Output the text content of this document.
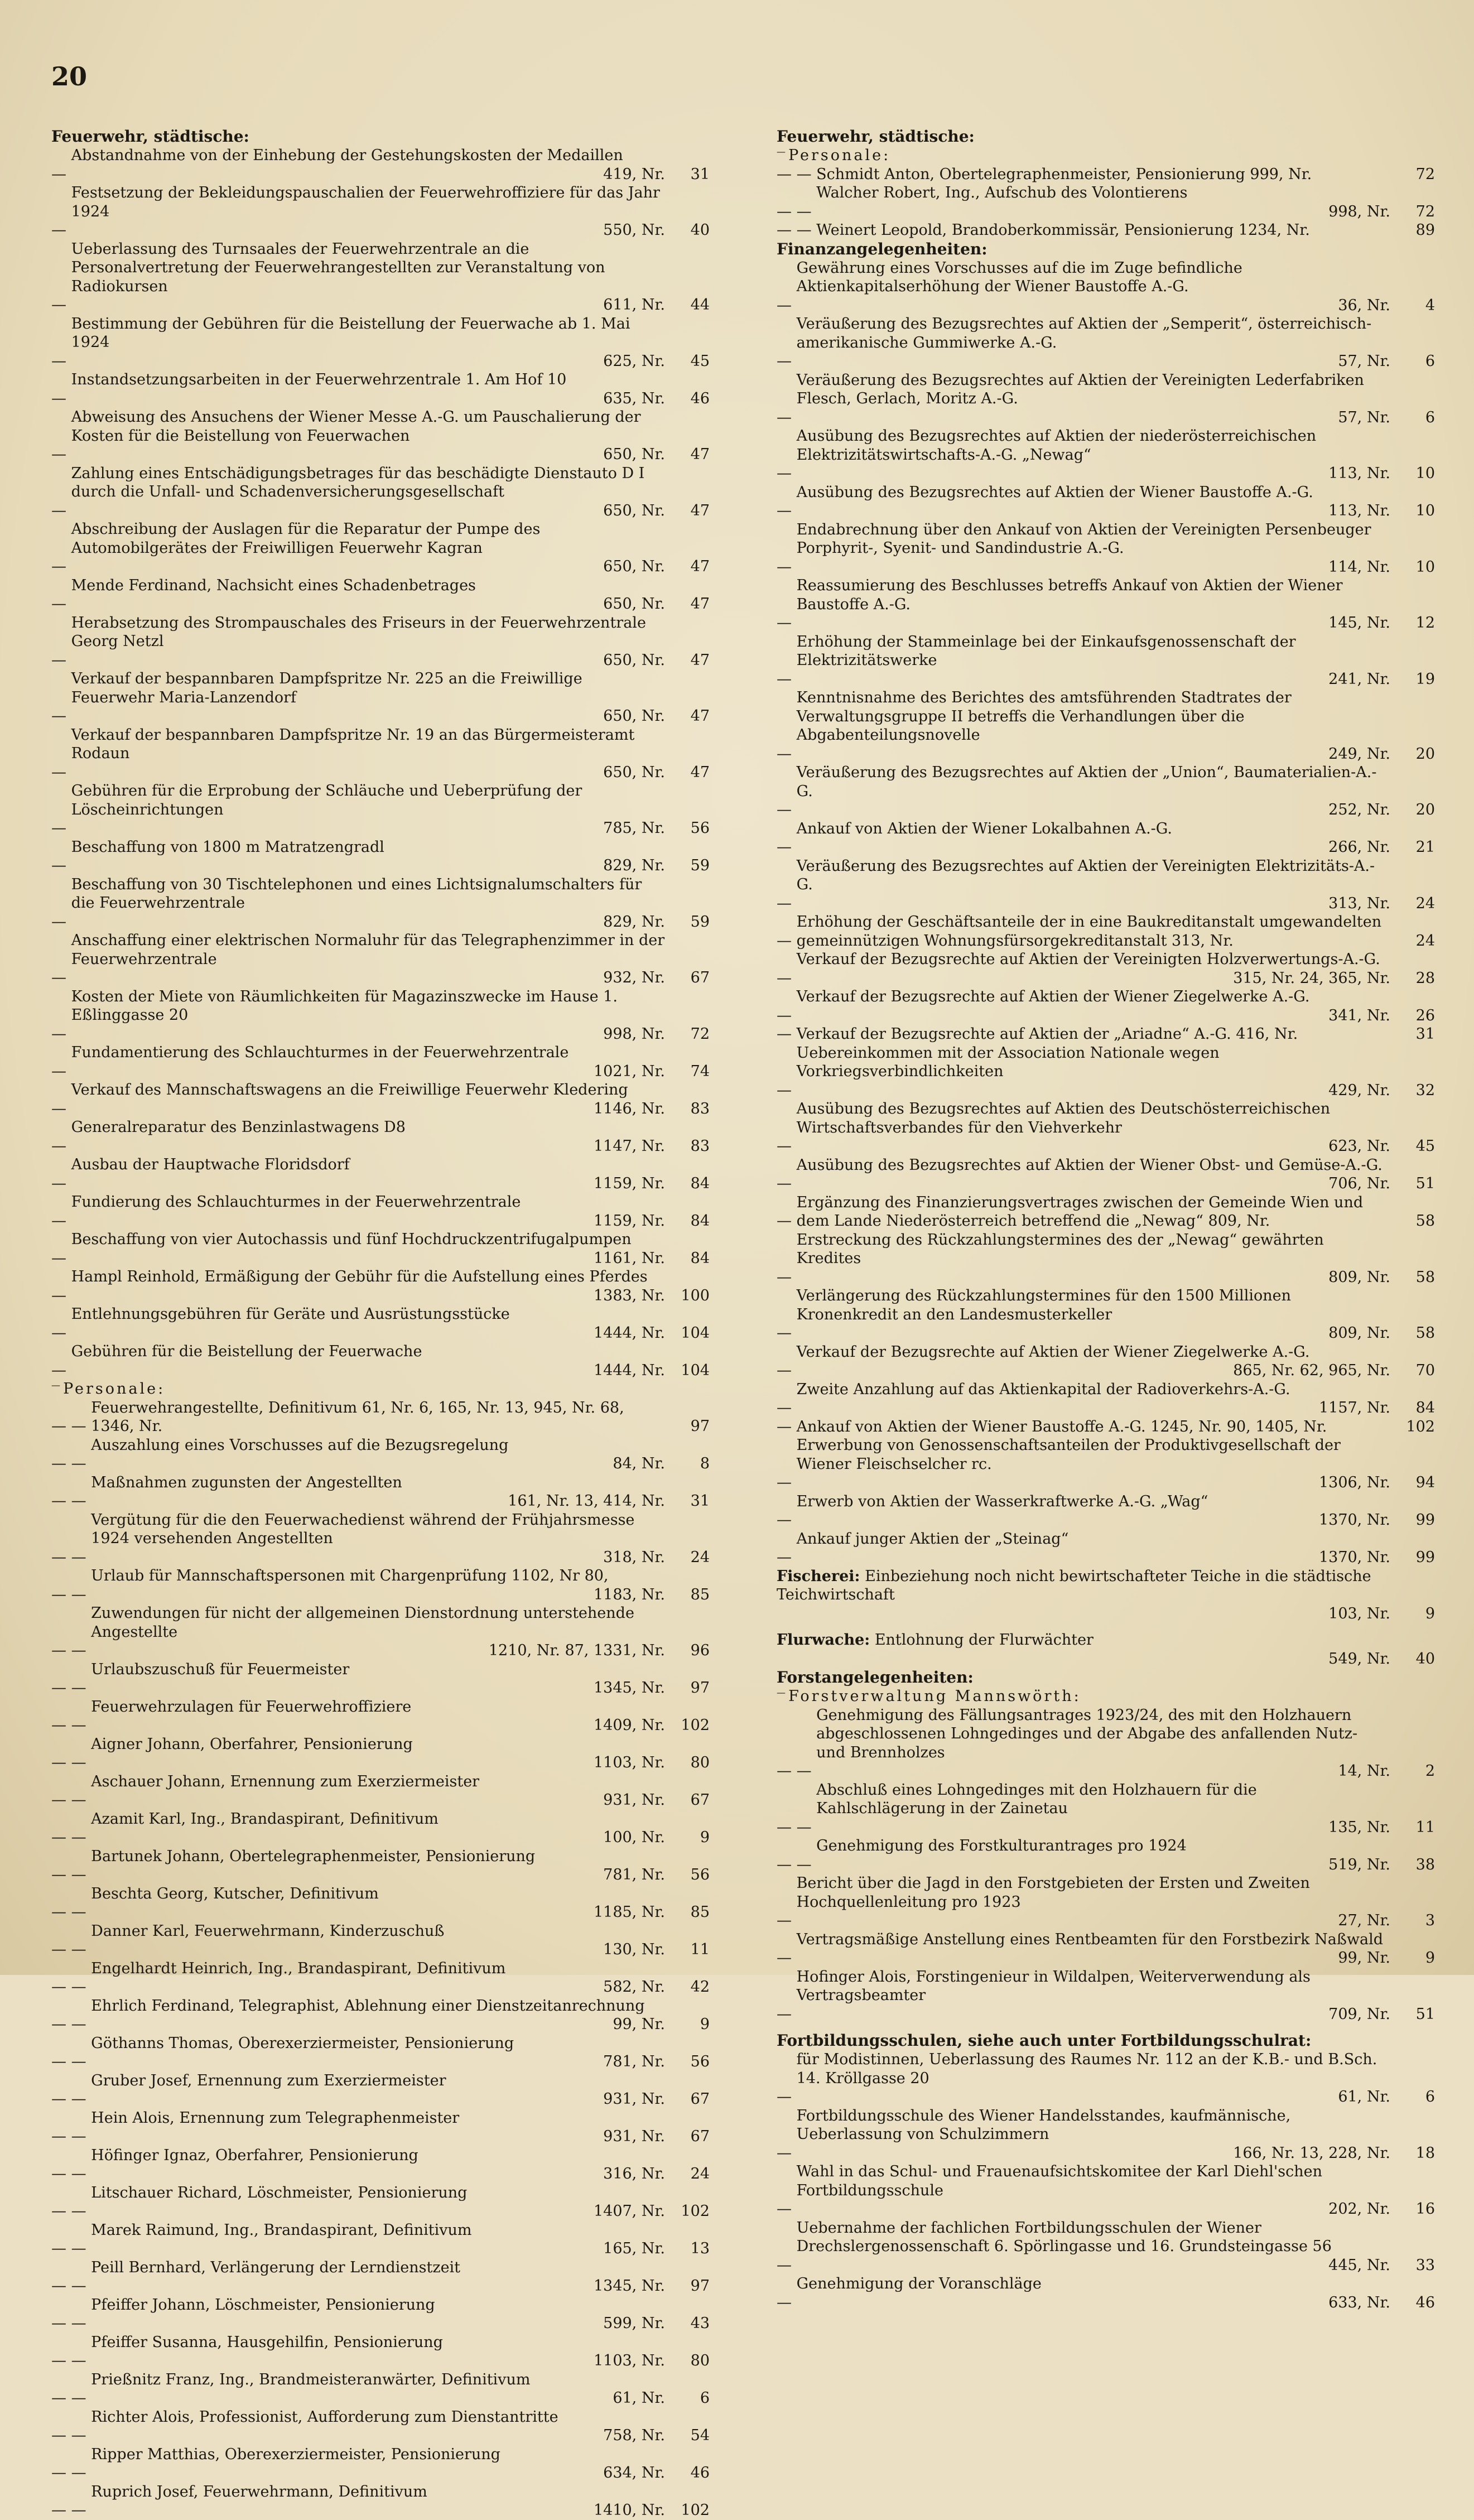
20
Feuerwehr, städtische:
—
Abstandnahme von der Einhebung der Gestehungskosten der Medaillen
419, Nr.	31
—
Festsetzung der Bekleidungspauschalien der Feuerwehroffiziere für das Jahr 1924
550, Nr.	40
—
Ueberlassung des Turnsaales der Feuerwehrzentrale an die Personalvertretung der Feuerwehrangestellten zur Veranstaltung von Radiokursen
611, Nr.	44
—
Bestimmung der Gebühren für die Beistellung der Feuerwache ab 1. Mai 1924
625, Nr.	45
—
Instandsetzungsarbeiten in der Feuerwehrzentrale 1. Am Hof 10
635, Nr.	46
—
Abweisung des Ansuchens der Wiener Messe A.-G. um Pauschalierung der Kosten für die Beistellung von Feuerwachen
650, Nr.	47
—
Zahlung eines Entschädigungsbetrages für das beschädigte Dienstauto D I durch die Unfall- und Schadenversicherungsgesellschaft
650, Nr.	47
—
Abschreibung der Auslagen für die Reparatur der Pumpe des Automobilgerätes der Freiwilligen Feuerwehr Kagran
650, Nr.	47
—
Mende Ferdinand, Nachsicht eines Schadenbetrages
650, Nr.	47
—
Herabsetzung des Strompauschales des Friseurs in der Feuerwehrzentrale Georg Netzl
650, Nr.	47
—
Verkauf der bespannbaren Dampfspritze Nr. 225 an die Freiwillige Feuerwehr Maria-Lanzendorf
650, Nr.	47
—
Verkauf der bespannbaren Dampfspritze Nr. 19 an das Bürgermeisteramt Rodaun
650, Nr.	47
—
Gebühren für die Erprobung der Schläuche und Ueberprüfung der Löscheinrichtungen
785, Nr.	56
—
Beschaffung von 1800 m Matratzengradl
829, Nr.	59
—
Beschaffung von 30 Tischtelephonen und eines Lichtsignalumschalters für die Feuerwehrzentrale
829, Nr.	59
—
Anschaffung einer elektrischen Normaluhr für das Telegraphenzimmer in der Feuerwehrzentrale
932, Nr.	67
—
Kosten der Miete von Räumlichkeiten für Magazinszwecke im Hause 1. Eßlinggasse 20
998, Nr.	72
—
Fundamentierung des Schlauchturmes in der Feuerwehrzentrale
1021, Nr.	74
—
Verkauf des Mannschaftswagens an die Freiwillige Feuerwehr Kledering
1146, Nr.	83
—
Generalreparatur des Benzinlastwagens D8
1147, Nr.	83
—
Ausbau der Hauptwache Floridsdorf
1159, Nr.	84
—
Fundierung des Schlauchturmes in der Feuerwehrzentrale
1159, Nr.	84
—
Beschaffung von vier Autochassis und fünf Hochdruckzentrifugalpumpen
1161, Nr.	84
—
Hampl Reinhold, Ermäßigung der Gebühr für die Aufstellung eines Pferdes
1383, Nr.	100
—
Entlehnungsgebühren für Geräte und Ausrüstungsstücke
1444, Nr.	104
—
Gebühren für die Beistellung der Feuerwache
1444, Nr.	104
— Personale:
— —
Feuerwehrangestellte, Definitivum 61, Nr. 6, 165, Nr. 13, 945, Nr. 68, 1346, Nr.	97
— —
Auszahlung eines Vorschusses auf die Bezugsregelung
84, Nr.	8
— —
Maßnahmen zugunsten der Angestellten
161, Nr. 13, 414, Nr.	31
— —
Vergütung für die den Feuerwachedienst während der Frühjahrsmesse 1924 versehenden Angestellten
318, Nr.	24
— —
Urlaub für Mannschaftspersonen mit Chargenprüfung 1102, Nr 80,
1183, Nr.	85
— —
Zuwendungen für nicht der allgemeinen Dienstordnung unterstehende Angestellte
1210, Nr. 87, 1331, Nr.	96
— —
Urlaubszuschuß für Feuermeister
1345, Nr.	97
— —
Feuerwehrzulagen für Feuerwehroffiziere
1409, Nr.	102
— —
Aigner Johann, Oberfahrer, Pensionierung
1103, Nr.	80
— —
Aschauer Johann, Ernennung zum Exerziermeister
931, Nr.	67
— —
Azamit Karl, Ing., Brandaspirant, Definitivum
100, Nr.	9
— —
Bartunek Johann, Obertelegraphenmeister, Pensionierung
781, Nr.	56
— —
Beschta Georg, Kutscher, Definitivum
1185, Nr.	85
— —
Danner Karl, Feuerwehrmann, Kinderzuschuß
130, Nr.	11
— —
Engelhardt Heinrich, Ing., Brandaspirant, Definitivum
582, Nr.	42
— —
Ehrlich Ferdinand, Telegraphist, Ablehnung einer Dienstzeitanrechnung
99, Nr.	9
— —
Göthanns Thomas, Oberexerziermeister, Pensionierung
781, Nr.	56
— —
Gruber Josef, Ernennung zum Exerziermeister
931, Nr.	67
— —
Hein Alois, Ernennung zum Telegraphenmeister
931, Nr.	67
— —
Höfinger Ignaz, Oberfahrer, Pensionierung
316, Nr.	24
— —
Litschauer Richard, Löschmeister, Pensionierung
1407, Nr.	102
— —
Marek Raimund, Ing., Brandaspirant, Definitivum
165, Nr.	13
— —
Peill Bernhard, Verlängerung der Lerndienstzeit
1345, Nr.	97
— —
Pfeiffer Johann, Löschmeister, Pensionierung
599, Nr.	43
— —
Pfeiffer Susanna, Hausgehilfin, Pensionierung
1103, Nr.	80
— —
Prießnitz Franz, Ing., Brandmeisteranwärter, Definitivum
61, Nr.	6
— —
Richter Alois, Professionist, Aufforderung zum Dienstantritte
758, Nr.	54
— —
Ripper Matthias, Oberexerziermeister, Pensionierung
634, Nr.	46
— —
Ruprich Josef, Feuerwehrmann, Definitivum
1410, Nr.	102
Feuerwehr, städtische:
— Personale:
— — Schmidt Anton, Obertelegraphenmeister, Pensionierung 999, Nr.	72
— —
Walcher Robert, Ing., Aufschub des Volontierens
998, Nr.	72
— — Weinert Leopold, Brandoberkommissär, Pensionierung 1234, Nr.	89
Finanzangelegenheiten:
—
Gewährung eines Vorschusses auf die im Zuge befindliche Aktienkapitalserhöhung der Wiener Baustoffe A.-G.
36, Nr.	4
—
Veräußerung des Bezugsrechtes auf Aktien der „Semperit“, österreichisch-amerikanische Gummiwerke A.-G.
57, Nr.	6
—
Veräußerung des Bezugsrechtes auf Aktien der Vereinigten Lederfabriken Flesch, Gerlach, Moritz A.-G.
57, Nr.	6
—
Ausübung des Bezugsrechtes auf Aktien der niederösterreichischen Elektrizitätswirtschafts-A.-G. „Newag“
113, Nr.	10
—
Ausübung des Bezugsrechtes auf Aktien der Wiener Baustoffe A.-G.
113, Nr.	10
—
Endabrechnung über den Ankauf von Aktien der Vereinigten Persenbeuger Porphyrit-, Syenit- und Sandindustrie A.-G.
114, Nr.	10
—
Reassumierung des Beschlusses betreffs Ankauf von Aktien der Wiener Baustoffe A.-G.
145, Nr.	12
—
Erhöhung der Stammeinlage bei der Einkaufsgenossenschaft der Elektrizitätswerke
241, Nr.	19
—
Kenntnisnahme des Berichtes des amtsführenden Stadtrates der Verwaltungsgruppe II betreffs die Verhandlungen über die Abgabenteilungsnovelle
249, Nr.	20
—
Veräußerung des Bezugsrechtes auf Aktien der „Union“, Baumaterialien-A.-G.
252, Nr.	20
—
Ankauf von Aktien der Wiener Lokalbahnen A.-G.
266, Nr.	21
—
Veräußerung des Bezugsrechtes auf Aktien der Vereinigten Elektrizitäts-A.-G.
313, Nr.	24
—
Erhöhung der Geschäftsanteile der in eine Baukreditanstalt umgewandelten gemeinnützigen Wohnungsfürsorgekreditanstalt 313, Nr.	24
—
Verkauf der Bezugsrechte auf Aktien der Vereinigten Holzverwertungs-A.-G.
315, Nr. 24, 365, Nr.	28
—
Verkauf der Bezugsrechte auf Aktien der Wiener Ziegelwerke A.-G.
341, Nr.	26
— Verkauf der Bezugsrechte auf Aktien der „Ariadne“ A.-G. 416, Nr.	31
—
Uebereinkommen mit der Association Nationale wegen Vorkriegsverbindlichkeiten
429, Nr.	32
—
Ausübung des Bezugsrechtes auf Aktien des Deutschösterreichischen Wirtschaftsverbandes für den Viehverkehr
623, Nr.	45
—
Ausübung des Bezugsrechtes auf Aktien der Wiener Obst- und Gemüse-A.-G.
706, Nr.	51
—
Ergänzung des Finanzierungsvertrages zwischen der Gemeinde Wien und dem Lande Niederösterreich betreffend die „Newag“ 809, Nr.	58
—
Erstreckung des Rückzahlungstermines des der „Newag“ gewährten Kredites
809, Nr.	58
—
Verlängerung des Rückzahlungstermines für den 1500 Millionen Kronenkredit an den Landesmusterkeller
809, Nr.	58
—
Verkauf der Bezugsrechte auf Aktien der Wiener Ziegelwerke A.-G.
865, Nr. 62, 965, Nr.	70
—
Zweite Anzahlung auf das Aktienkapital der Radioverkehrs-A.-G.
1157, Nr.	84
— Ankauf von Aktien der Wiener Baustoffe A.-G. 1245, Nr. 90, 1405, Nr.	102
—
Erwerbung von Genossenschaftsanteilen der Produktivgesellschaft der Wiener Fleischselcher rc.
1306, Nr.	94
—
Erwerb von Aktien der Wasserkraftwerke A.-G. „Wag“
1370, Nr.	99
—
Ankauf junger Aktien der „Steinag“
1370, Nr.	99
Fischerei: Einbeziehung noch nicht bewirtschafteter Teiche in die städtische Teichwirtschaft
103, Nr.	9
Flurwache: Entlohnung der Flurwächter
549, Nr.	40
Forstangelegenheiten:
— Forstverwaltung Mannswörth:
— —
Genehmigung des Fällungsantrages 1923/24, des mit den Holzhauern abgeschlossenen Lohngedinges und der Abgabe des anfallenden Nutz- und Brennholzes
14, Nr.	2
— —
Abschluß eines Lohngedinges mit den Holzhauern für die Kahlschlägerung in der Zainetau
135, Nr.	11
— —
Genehmigung des Forstkulturantrages pro 1924
519, Nr.	38
—
Bericht über die Jagd in den Forstgebieten der Ersten und Zweiten Hochquellenleitung pro 1923
27, Nr.	3
—
Vertragsmäßige Anstellung eines Rentbeamten für den Forstbezirk Naßwald
99, Nr.	9
—
Hofinger Alois, Forstingenieur in Wildalpen, Weiterverwendung als Vertragsbeamter
709, Nr.	51
Fortbildungsschulen, siehe auch unter Fortbildungsschulrat:
—
für Modistinnen, Ueberlassung des Raumes Nr. 112 an der K.B.- und B.Sch. 14. Kröllgasse 20
61, Nr.	6
—
Fortbildungsschule des Wiener Handelsstandes, kaufmännische, Ueberlassung von Schulzimmern
166, Nr. 13, 228, Nr.	18
—
Wahl in das Schul- und Frauenaufsichtskomitee der Karl Diehl'schen Fortbildungsschule
202, Nr.	16
—
Uebernahme der fachlichen Fortbildungsschulen der Wiener Drechslergenossenschaft 6. Spörlingasse und 16. Grundsteingasse 56
445, Nr.	33
—
Genehmigung der Voranschläge
633, Nr.	46
